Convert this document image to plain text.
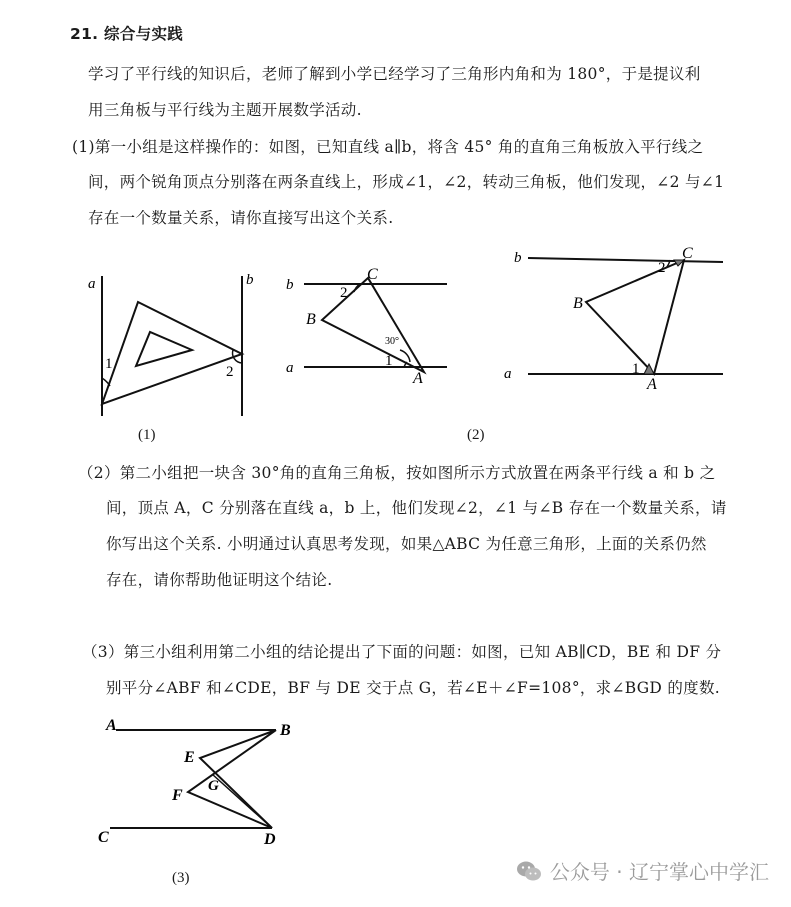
21. 综合与实践
学习了平行线的知识后，老师了解到小学已经学习了三角形内角和为 180°，于是提议利
用三角板与平行线为主题开展数学活动.
(1)第一小组是这样操作的：如图，已知直线 a∥b，将含 45° 角的直角三角板放入平行线之
间，两个锐角顶点分别落在两条直线上，形成∠1，∠2，转动三角板，他们发现，∠2 与∠1
存在一个数量关系，请你直接写出这个关系.
（2）第二小组把一块含 30°角的直角三角板，按如图所示方式放置在两条平行线 a 和 b 之
间，顶点 A，C 分别落在直线 a，b 上，他们发现∠2，∠1 与∠B 存在一个数量关系，请
你写出这个关系. 小明通过认真思考发现，如果△ABC 为任意三角形，上面的关系仍然
存在，请你帮助他证明这个结论.
（3）第三小组利用第二小组的结论提出了下面的问题：如图，已知 AB∥CD，BE 和 DF 分
别平分∠ABF 和∠CDE，BF 与 DE 交于点 G，若∠E＋∠F=108°，求∠BGD 的度数.
a	b
1	2
(1)
b
a
C
B
A
2
1
30°
b
a
C
B
A
2
1
(2)
A	B
C	D
E
F
G
(3)	公众号 · 辽宁掌心中学汇
